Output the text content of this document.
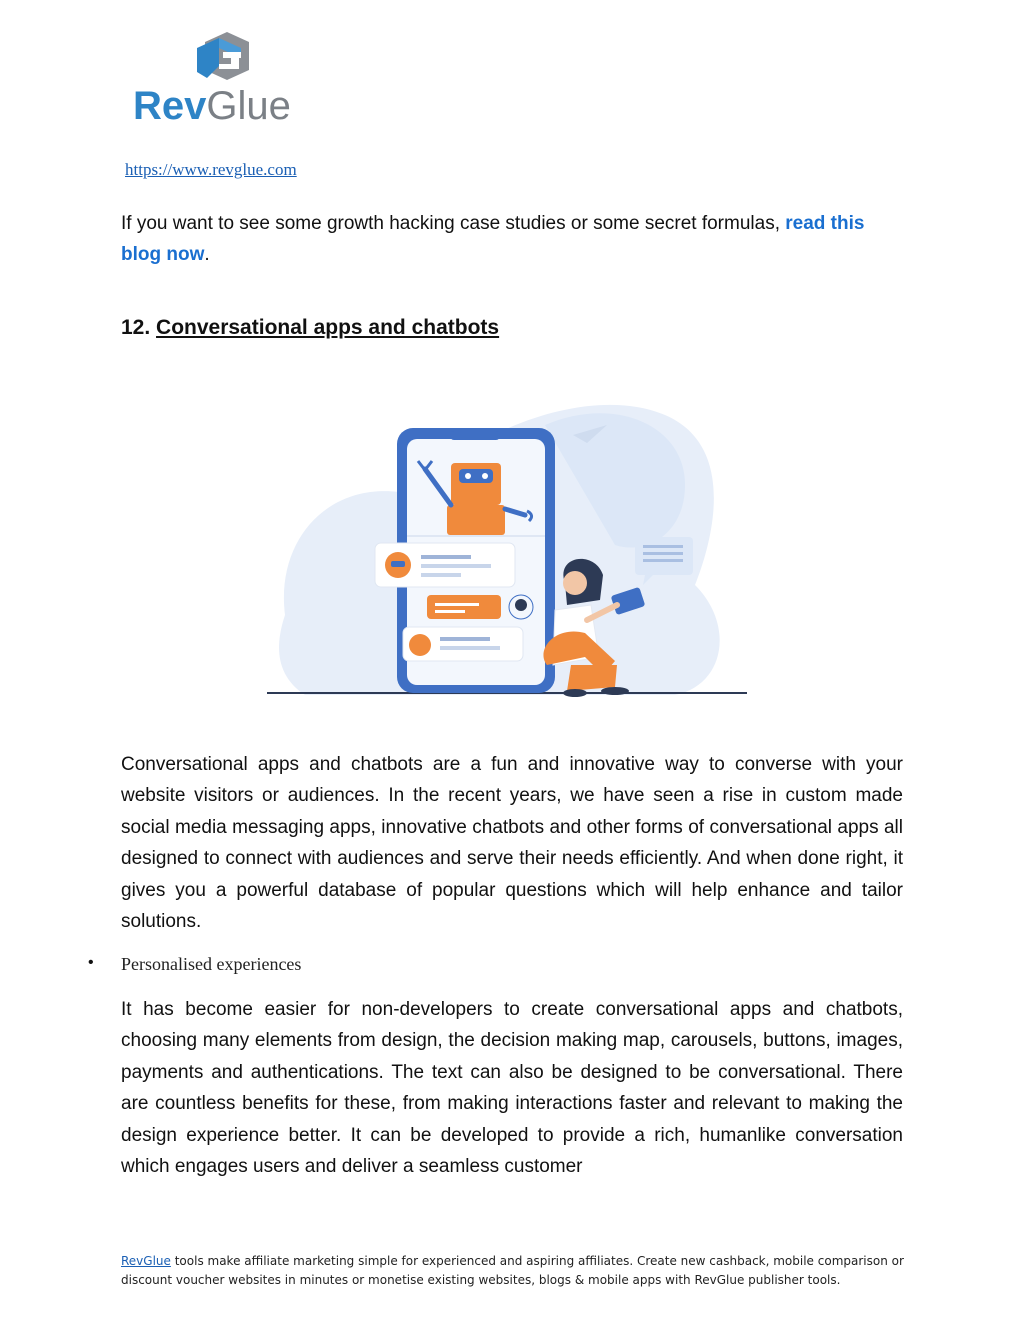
RevGlue
https://www.revglue.com
If you want to see some growth hacking case studies or some secret formulas, read this blog now.
12. Conversational apps and chatbots
Conversational apps and chatbots are a fun and innovative way to converse with your website visitors or audiences. In the recent years, we have seen a rise in custom made social media messaging apps, innovative chatbots and other forms of conversational apps all designed to connect with audiences and serve their needs efficiently. And when done right, it gives you a powerful database of popular questions which will help enhance and tailor solutions.
• Personalised experiences
It has become easier for non-developers to create conversational apps and chatbots, choosing many elements from design, the decision making map, carousels, buttons, images, payments and authentications. The text can also be designed to be conversational. There are countless benefits for these, from making interactions faster and relevant to making the design experience better. It can be developed to provide a rich, humanlike conversation which engages users and deliver a seamless customer
RevGlue tools make affiliate marketing simple for experienced and aspiring affiliates. Create new cashback, mobile comparison or discount voucher websites in minutes or monetise existing websites, blogs & mobile apps with RevGlue publisher tools.
